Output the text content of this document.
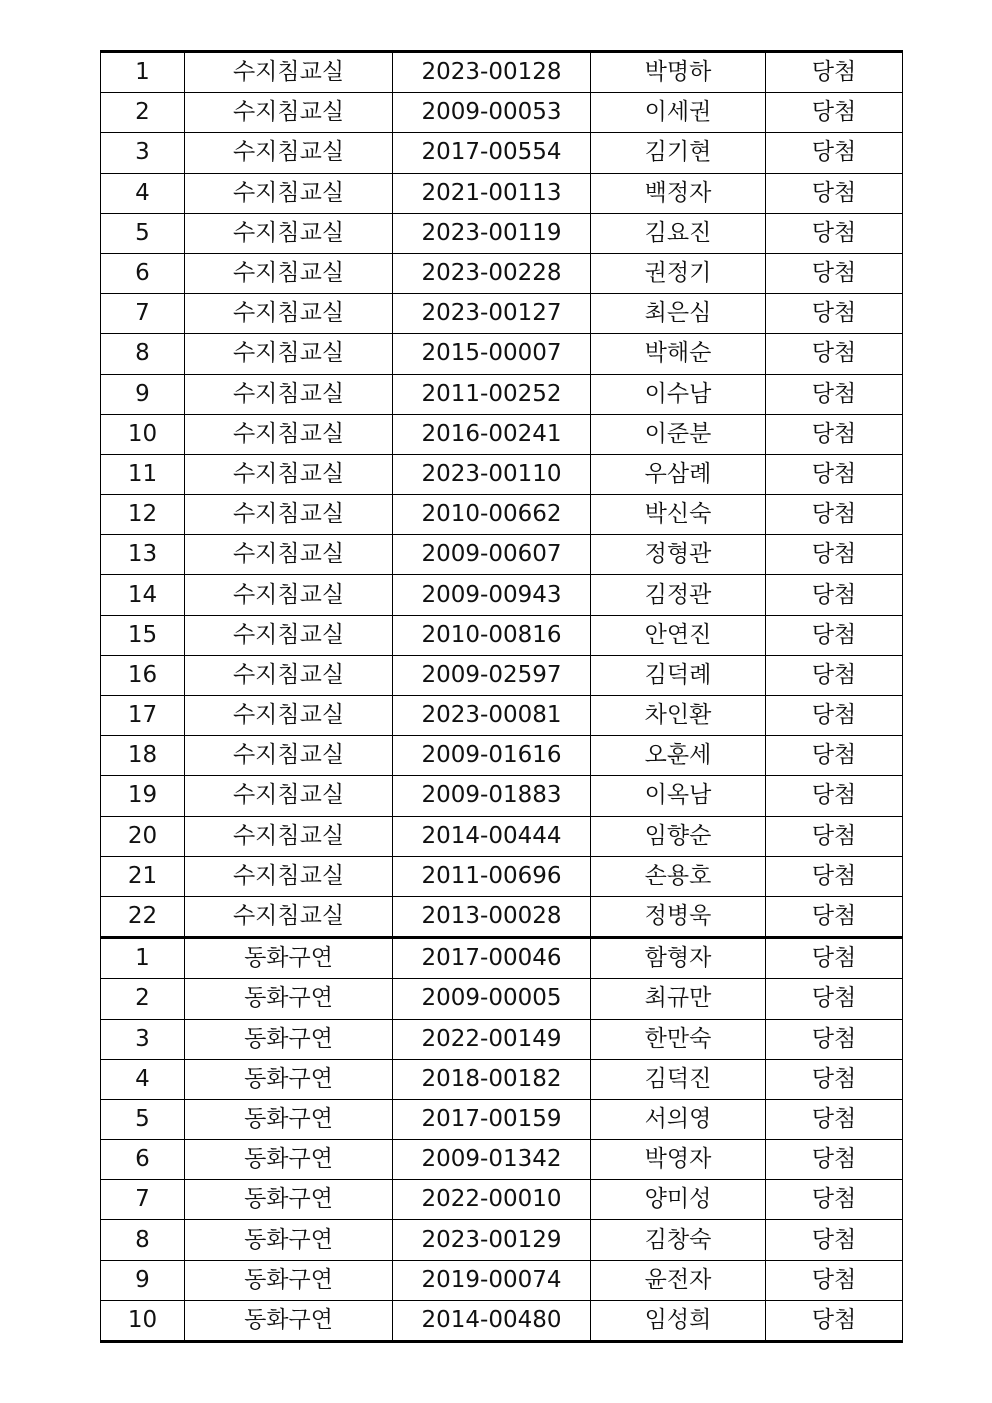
1	수지침교실	2023-00128	박명하	당첨
2	수지침교실	2009-00053	이세권	당첨
3	수지침교실	2017-00554	김기현	당첨
4	수지침교실	2021-00113	백정자	당첨
5	수지침교실	2023-00119	김요진	당첨
6	수지침교실	2023-00228	권정기	당첨
7	수지침교실	2023-00127	최은심	당첨
8	수지침교실	2015-00007	박해순	당첨
9	수지침교실	2011-00252	이수남	당첨
10	수지침교실	2016-00241	이준분	당첨
11	수지침교실	2023-00110	우삼례	당첨
12	수지침교실	2010-00662	박신숙	당첨
13	수지침교실	2009-00607	정형관	당첨
14	수지침교실	2009-00943	김정관	당첨
15	수지침교실	2010-00816	안연진	당첨
16	수지침교실	2009-02597	김덕례	당첨
17	수지침교실	2023-00081	차인환	당첨
18	수지침교실	2009-01616	오훈세	당첨
19	수지침교실	2009-01883	이옥남	당첨
20	수지침교실	2014-00444	임향순	당첨
21	수지침교실	2011-00696	손용호	당첨
22	수지침교실	2013-00028	정병욱	당첨
1	동화구연	2017-00046	함형자	당첨
2	동화구연	2009-00005	최규만	당첨
3	동화구연	2022-00149	한만숙	당첨
4	동화구연	2018-00182	김덕진	당첨
5	동화구연	2017-00159	서의영	당첨
6	동화구연	2009-01342	박영자	당첨
7	동화구연	2022-00010	양미성	당첨
8	동화구연	2023-00129	김창숙	당첨
9	동화구연	2019-00074	윤전자	당첨
10	동화구연	2014-00480	임성희	당첨
